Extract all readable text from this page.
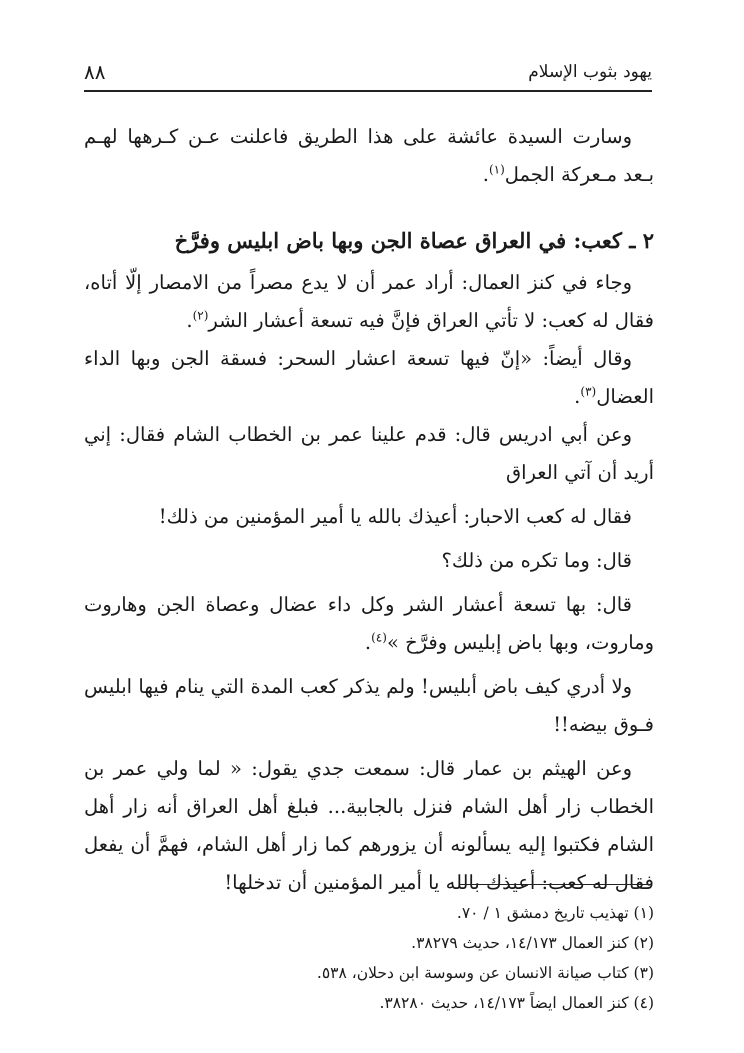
يهود بثوب الإسلام
٨٨

وسارت السيدة عائشة على هذا الطريق فاعلنت عـن كـرهها لهـم بـعد مـعركة الجمل$^{(١)}$.

٢ ـ كعب: في العراق عصاة الجن وبها باض ابليس وفرَّخ

وجاء في كنز العمال: أراد عمر أن لا يدع مصراً من الامصار إلّا أتاه، فقال له كعب: لا تأتي العراق فإنَّ فيه تسعة أعشار الشر$^{(٢)}$.

وقال أيضاً: «إنّ فيها تسعة اعشار السحر: فسقة الجن وبها الداء العضال$^{(٣)}$.

وعن أبي ادريس قال: قدم علينا عمر بن الخطاب الشام فقال: إني أريد أن آتي العراق

فقال له كعب الاحبار: أعيذك بالله يا أمير المؤمنين من ذلك!

قال: وما تكره من ذلك؟

قال: بها تسعة أعشار الشر وكل داء عضال وعصاة الجن وهاروت وماروت، وبها باض إبليس وفرَّخ »$^{(٤)}$.

ولا أدري كيف باض أبليس! ولم يذكر كعب المدة التي ينام فيها ابليس فـوق بيضه!!

وعن الهيثم بن عمار قال: سمعت جدي يقول: « لما ولي عمر بن الخطاب زار أهل الشام فنزل بالجابية... فبلغ أهل العراق أنه زار أهل الشام فكتبوا إليه يسألونه أن يزورهم كما زار أهل الشام، فهمَّ أن يفعل فقال له كعب: أعيذك بالله يا أمير المؤمنين أن تدخلها!

(١) تهذيب تاريخ دمشق ١ / ٧٠.

(٢) كنز العمال ١٤/١٧٣، حديث ٣٨٢٧٩.

(٣) كتاب صيانة الانسان عن وسوسة ابن دحلان، ٥٣٨.

(٤) كنز العمال ايضاً ١٤/١٧٣، حديث ٣٨٢٨٠.
